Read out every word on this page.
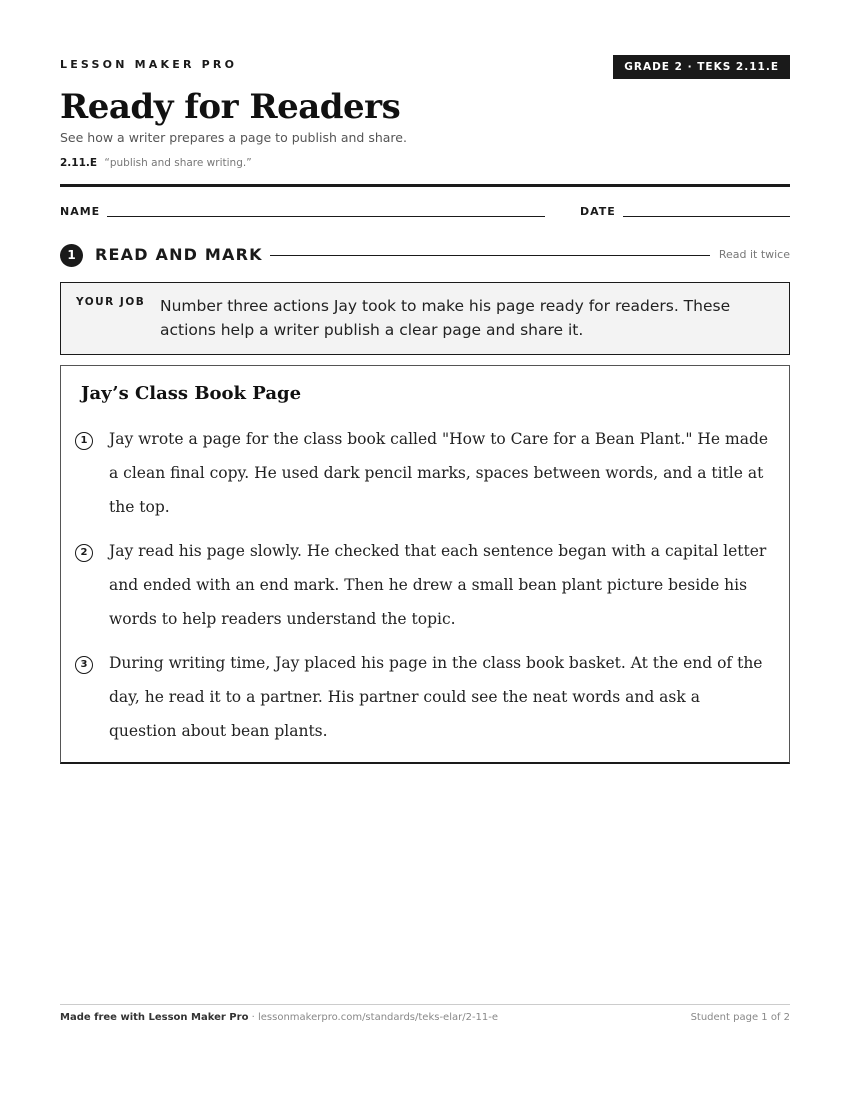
LESSON MAKER PRO	GRADE 2 · TEKS 2.11.E
Ready for Readers
See how a writer prepares a page to publish and share.
2.11.E “publish and share writing.”
NAME	DATE
1	READ AND MARK	Read it twice
YOUR JOB Number three actions Jay took to make his page ready for readers. These actions help a writer publish a clear page and share it.
Jay’s Class Book Page
1	Jay wrote a page for the class book called "How to Care for a Bean Plant." He made a clean final copy. He used dark pencil marks, spaces between words, and a title at the top.
2	Jay read his page slowly. He checked that each sentence began with a capital letter and ended with an end mark. Then he drew a small bean plant picture beside his words to help readers understand the topic.
3	During writing time, Jay placed his page in the class book basket. At the end of the day, he read it to a partner. His partner could see the neat words and ask a question about bean plants.
Made free with Lesson Maker Pro · lessonmakerpro.com/standards/teks-elar/2-11-e	Student page 1 of 2
